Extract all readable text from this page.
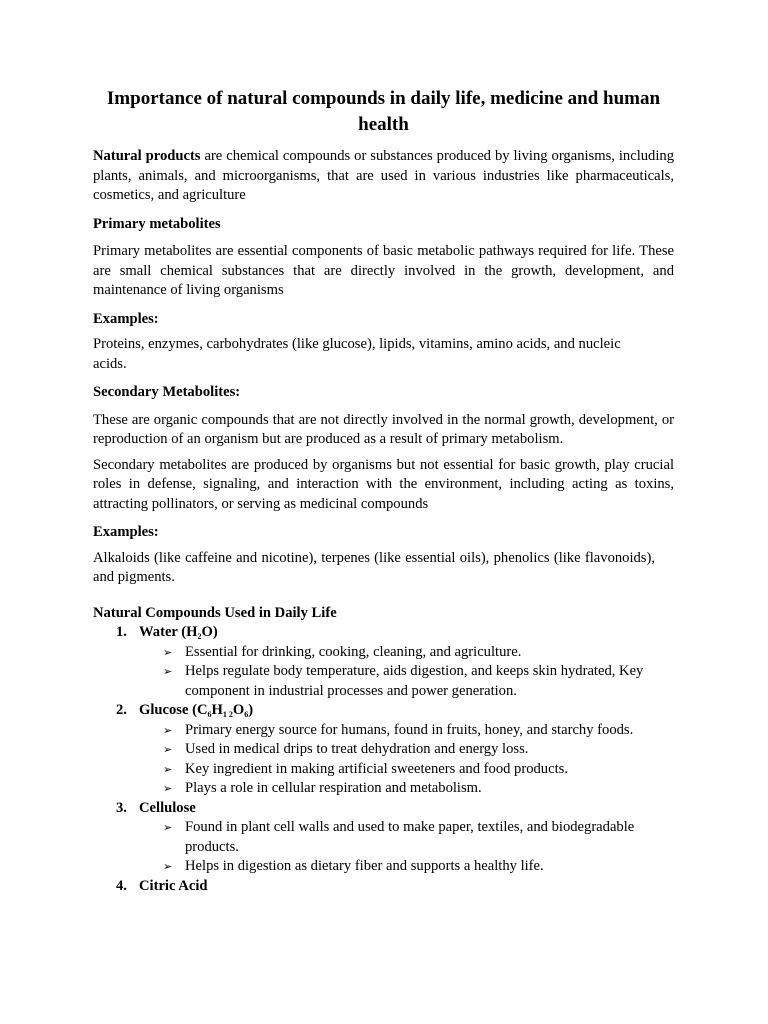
Importance of natural compounds in daily life, medicine and human health

Natural products are chemical compounds or substances produced by living organisms, including plants, animals, and microorganisms, that are used in various industries like pharmaceuticals, cosmetics, and agriculture

Primary metabolites

Primary metabolites are essential components of basic metabolic pathways required for life. These are small chemical substances that are directly involved in the growth, development, and maintenance of living organisms

Examples:

Proteins, enzymes, carbohydrates (like glucose), lipids, vitamins, amino acids, and nucleic acids.

Secondary Metabolites:

These are organic compounds that are not directly involved in the normal growth, development, or reproduction of an organism but are produced as a result of primary metabolism.

Secondary metabolites are produced by organisms but not essential for basic growth, play crucial roles in defense, signaling, and interaction with the environment, including acting as toxins, attracting pollinators, or serving as medicinal compounds

Examples:

Alkaloids (like caffeine and nicotine), terpenes (like essential oils), phenolics (like flavonoids), and pigments.

Natural Compounds Used in Daily Life
1. Water $(H_2O)$
➢ Essential for drinking, cooking, cleaning, and agriculture.
➢ Helps regulate body temperature, aids digestion, and keeps skin hydrated, Key component in industrial processes and power generation.
2. Glucose $(C_6H_{1 2}O_6)$
➢ Primary energy source for humans, found in fruits, honey, and starchy foods.
➢ Used in medical drips to treat dehydration and energy loss.
➢ Key ingredient in making artificial sweeteners and food products.
➢ Plays a role in cellular respiration and metabolism.
3. Cellulose
➢ Found in plant cell walls and used to make paper, textiles, and biodegradable products.
➢ Helps in digestion as dietary fiber and supports a healthy life.
4. Citric Acid
